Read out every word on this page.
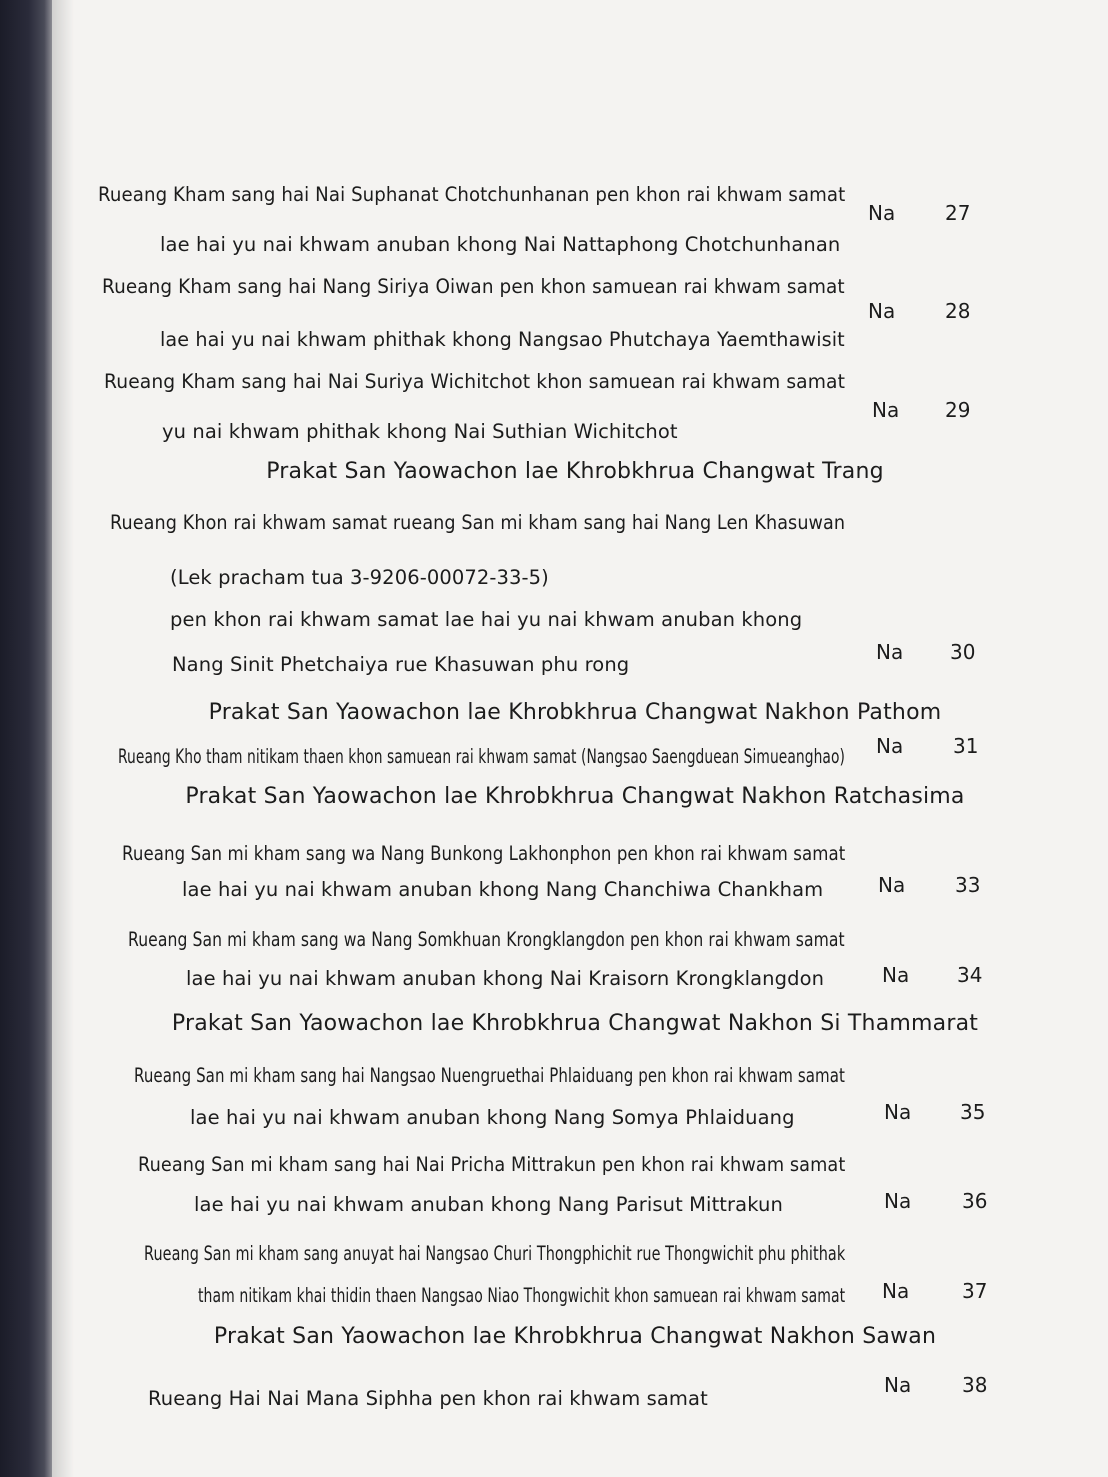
Rueang Kham sang hai Nai Suphanat Chotchunhanan pen khon rai khwam samat
lae hai yu nai khwam anuban khong Nai Nattaphong Chotchunhanan
Na 27
Rueang Kham sang hai Nang Siriya Oiwan pen khon samuean rai khwam samat
lae hai yu nai khwam phithak khong Nangsao Phutchaya Yaemthawisit
Na 28
Rueang Kham sang hai Nai Suriya Wichitchot khon samuean rai khwam samat
yu nai khwam phithak khong Nai Suthian Wichitchot
Na 29
Prakat San Yaowachon lae Khrobkhrua Changwat Trang
Rueang Khon rai khwam samat rueang San mi kham sang hai Nang Len Khasuwan
(Lek pracham tua 3-9206-00072-33-5)
pen khon rai khwam samat lae hai yu nai khwam anuban khong
Nang Sinit Phetchaiya rue Khasuwan phu rong
Na 30
Prakat San Yaowachon lae Khrobkhrua Changwat Nakhon Pathom
Rueang Kho tham nitikam thaen khon samuean rai khwam samat (Nangsao Saengduean Simueanghao) Na 31
Prakat San Yaowachon lae Khrobkhrua Changwat Nakhon Ratchasima
Rueang San mi kham sang wa Nang Bunkong Lakhonphon pen khon rai khwam samat
lae hai yu nai khwam anuban khong Nang Chanchiwa Chankham	Na 33
Rueang San mi kham sang wa Nang Somkhuan Krongklangdon pen khon rai khwam samat
lae hai yu nai khwam anuban khong Nai Kraisorn Krongklangdon	Na 34
Prakat San Yaowachon lae Khrobkhrua Changwat Nakhon Si Thammarat
Rueang San mi kham sang hai Nangsao Nuengruethai Phlaiduang pen khon rai khwam samat
lae hai yu nai khwam anuban khong Nang Somya Phlaiduang	Na 35
Rueang San mi kham sang hai Nai Pricha Mittrakun pen khon rai khwam samat
lae hai yu nai khwam anuban khong Nang Parisut Mittrakun	Na	36
Rueang San mi kham sang anuyat hai Nangsao Churi Thongphichit rue Thongwichit phu phithak
tham nitikam khai thidin thaen Nangsao Niao Thongwichit khon samuean rai khwam samat Na	37
Prakat San Yaowachon lae Khrobkhrua Changwat Nakhon Sawan
Rueang Hai Nai Mana Siphha pen khon rai khwam samat
Na	38
